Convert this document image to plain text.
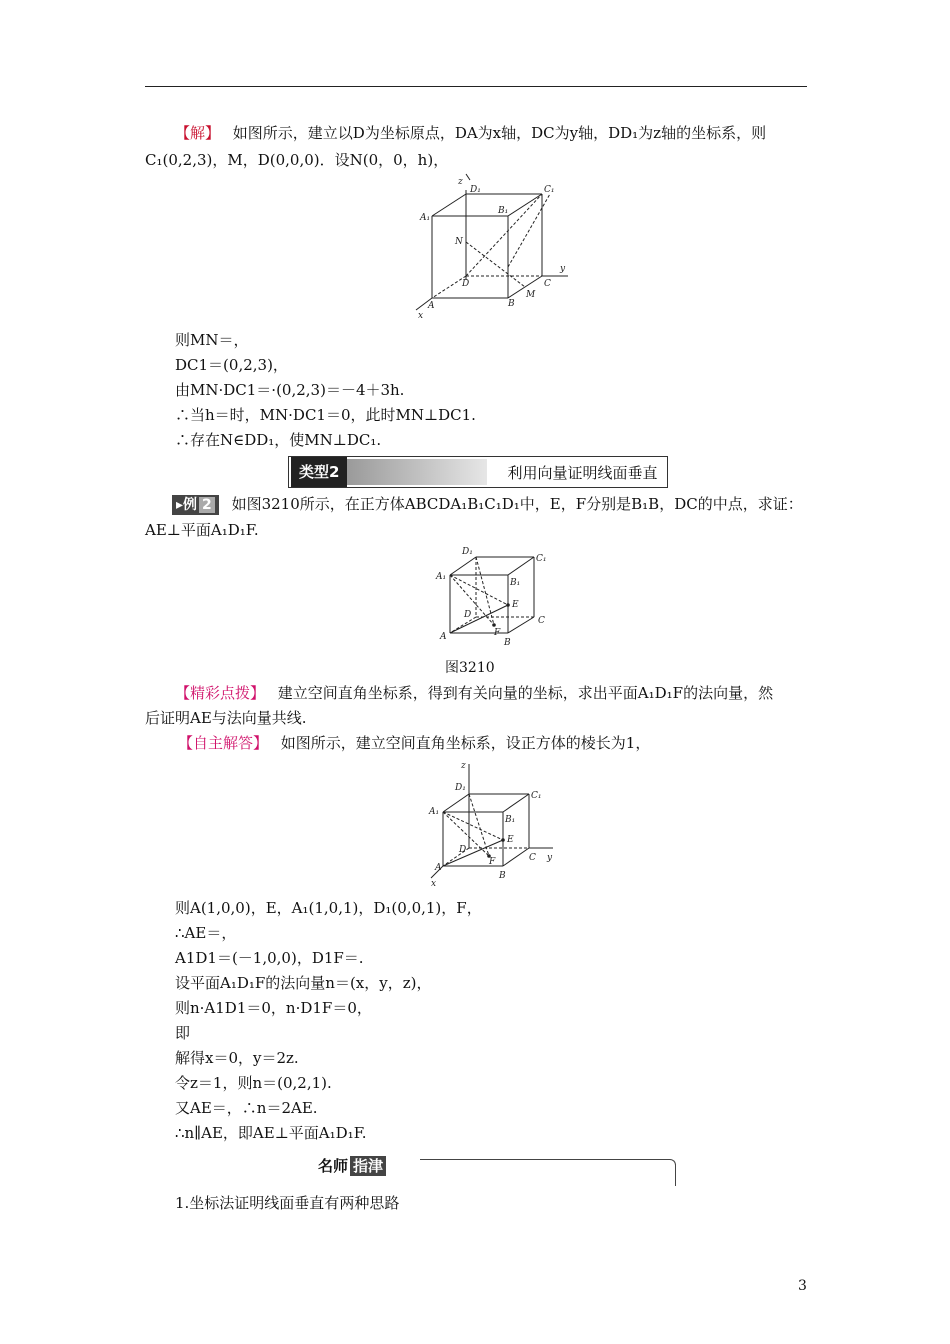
【解】 如图所示，建立以D为坐标原点，DA为x轴，DC为y轴，DD₁为z轴的坐标系，则
C₁(0,2,3)，M，D(0,0,0)．设N(0，0，h)，
z
D₁	C₁
A₁
B₁
N
D
y
C
M
A	B
x
则MN＝，
DC1＝(0,2,3)，
由MN·DC1＝·(0,2,3)＝－4＋3h.
∴当h＝时，MN·DC1＝0，此时MN⊥DC1.
∴存在N∈DD₁，使MN⊥DC₁.
类型2	利用向量证明线面垂直
▸例 2 如图3210所示，在正方体ABCDA₁B₁C₁D₁中，E，F分别是B₁B，DC的中点，求证：
AE⊥平面A₁D₁F.
D₁
C₁
A₁
B₁
D
E
F
C
A
B
图3210
【精彩点拨】 建立空间直角坐标系，得到有关向量的坐标，求出平面A₁D₁F的法向量，然
后证明AE与法向量共线.
【自主解答】 如图所示，建立空间直角坐标系，设正方体的棱长为1，
z
D₁
C₁
A₁
B₁
E
D
F	C y
A
B
x
则A(1,0,0)，E，A₁(1,0,1)，D₁(0,0,1)，F，
∴AE＝，
A1D1＝(－1,0,0)，D1F＝.
设平面A₁D₁F的法向量n＝(x，y，z)，
则n·A1D1＝0，n·D1F＝0，
即
解得x＝0，y＝2z.
令z＝1，则n＝(0,2,1).
又AE＝，∴n＝2AE.
∴n∥AE，即AE⊥平面A₁D₁F.
名师 指津
1.坐标法证明线面垂直有两种思路
3
